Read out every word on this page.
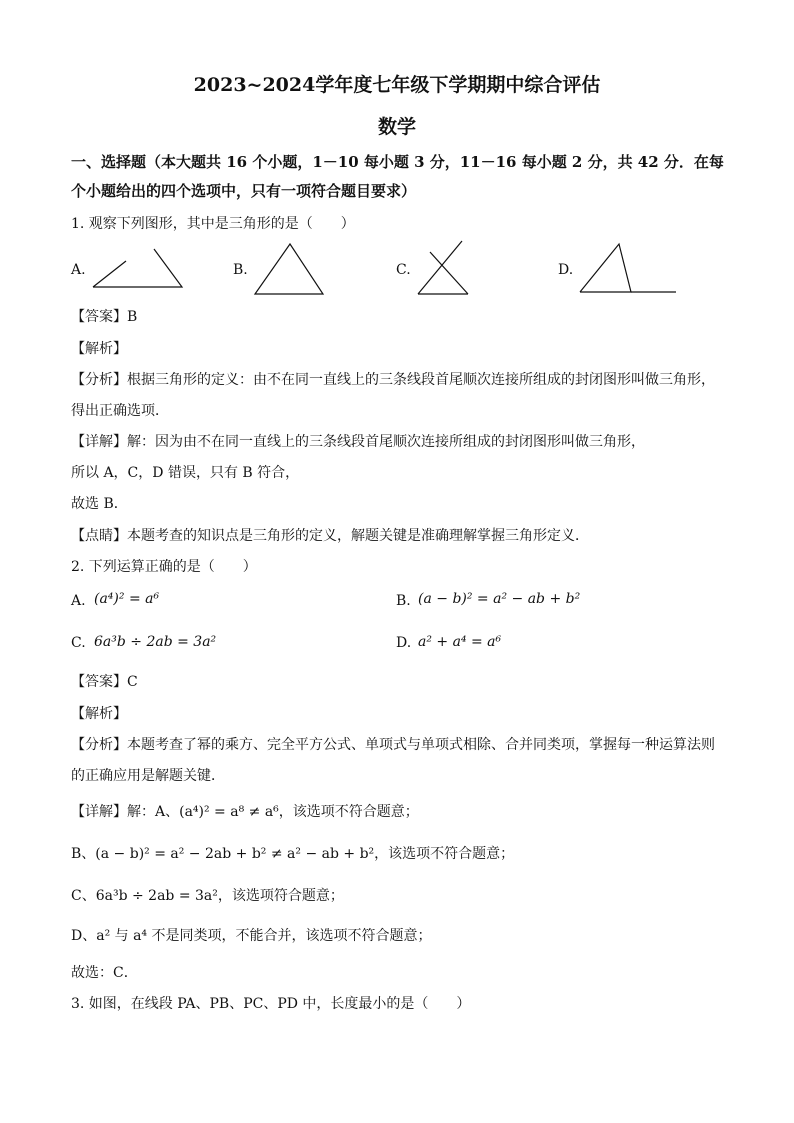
2023~2024学年度七年级下学期期中综合评估
数学
一、选择题（本大题共 16 个小题，1－10 每小题 3 分，11－16 每小题 2 分，共 42 分．在每
个小题给出的四个选项中，只有一项符合题目要求）
1. 观察下列图形，其中是三角形的是（　　）
A.	B.	C.	D.
【答案】B
【解析】
【分析】根据三角形的定义：由不在同一直线上的三条线段首尾顺次连接所组成的封闭图形叫做三角形，
得出正确选项．
【详解】解：因为由不在同一直线上的三条线段首尾顺次连接所组成的封闭图形叫做三角形，
所以 A，C，D 错误，只有 B 符合，
故选 B．
【点睛】本题考查的知识点是三角形的定义，解题关键是准确理解掌握三角形定义．
2. 下列运算正确的是（　　）
A. (a⁴)² = a⁶	B. (a − b)² = a² − ab + b²
C. 6a³b ÷ 2ab = 3a²	D. a² + a⁴ = a⁶
【答案】C
【解析】
【分析】本题考查了幂的乘方、完全平方公式、单项式与单项式相除、合并同类项，掌握每一种运算法则
的正确应用是解题关键．
【详解】解：A、(a⁴)² = a⁸ ≠ a⁶，该选项不符合题意；
B、(a − b)² = a² − 2ab + b² ≠ a² − ab + b²，该选项不符合题意；
C、6a³b ÷ 2ab = 3a²，该选项符合题意；
D、a² 与 a⁴ 不是同类项，不能合并，该选项不符合题意；
故选：C．
3. 如图，在线段 PA、PB、PC、PD 中，长度最小的是（　　）
